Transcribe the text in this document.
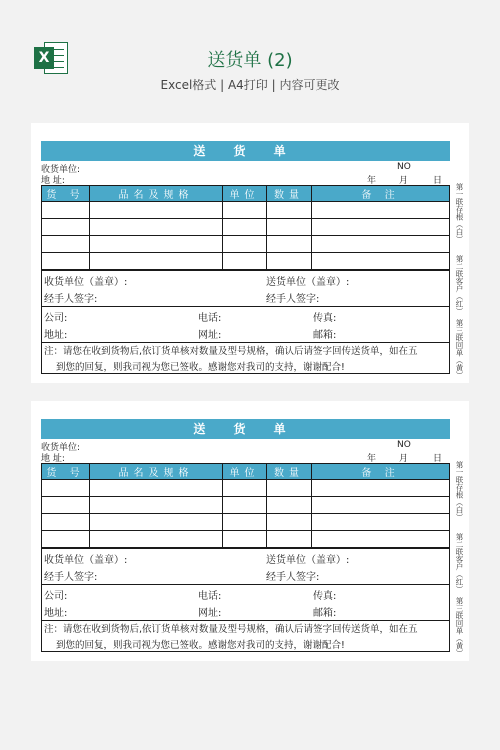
X	送货单 (2)
Excel格式 | A4打印 | 内容可更改
送 货 单
收货单位:
地 址:
NO
年	月	日
第一联存根（白）
第二联客户（红）
第三联回单（黄）
货 号	品名及规格	单位	数量	备 注

收货单位（盖章）:	送货单位（盖章）:
经手人签字:	经手人签字:
公司:	电话:	传真:
地址:	网址:	邮箱:
注：请您在收到货物后,依订货单核对数量及型号规格，确认后请签字回传送货单，如在五
到您的回复，则我司视为您已签收。感谢您对我司的支持，谢谢配合!
送 货 单
收货单位:
地 址:
NO
年	月	日
第一联存根（白）
第二联客户（红）
第三联回单（黄）
货 号	品名及规格	单位	数量	备 注

收货单位（盖章）:	送货单位（盖章）:
经手人签字:	经手人签字:
公司:	电话:	传真:
地址:	网址:	邮箱:
注：请您在收到货物后,依订货单核对数量及型号规格，确认后请签字回传送货单，如在五
到您的回复，则我司视为您已签收。感谢您对我司的支持，谢谢配合!
